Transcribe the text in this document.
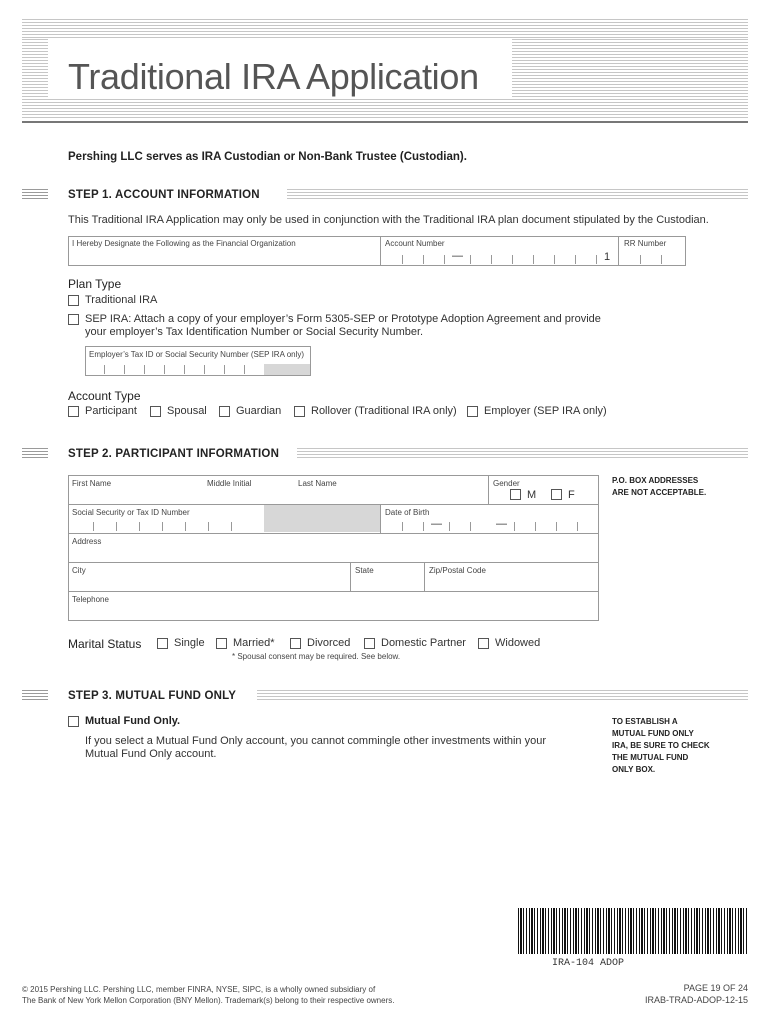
Traditional IRA Application
Pershing LLC serves as IRA Custodian or Non-Bank Trustee (Custodian).
STEP 1. ACCOUNT INFORMATION
This Traditional IRA Application may only be used in conjunction with the Traditional IRA plan document stipulated by the Custodian.
I Hereby Designate the Following as the Financial Organization	Account Number
—	1
RR Number
Plan Type
Traditional IRA
SEP IRA: Attach a copy of your employer’s Form 5305-SEP or Prototype Adoption Agreement and provide
your employer’s Tax Identification Number or Social Security Number.
Employer’s Tax ID or Social Security Number (SEP IRA only)
Account Type
Participant	Spousal	Guardian	Rollover (Traditional IRA only) Employer (SEP IRA only)
STEP 2. PARTICIPANT INFORMATION
First Name	Middle Initial	Last Name	Gender
M	F
Social Security or Tax ID Number	Date of Birth
—	—
Address
City	State	Zip/Postal Code
Telephone
P.O. BOX ADDRESSES
ARE NOT ACCEPTABLE.
Marital Status	Single	Married*	Divorced	Domestic Partner	Widowed
* Spousal consent may be required. See below.
STEP 3. MUTUAL FUND ONLY
Mutual Fund Only.
If you select a Mutual Fund Only account, you cannot commingle other investments within your
Mutual Fund Only account.
TO ESTABLISH A
MUTUAL FUND ONLY
IRA, BE SURE TO CHECK
THE MUTUAL FUND
ONLY BOX.
IRA-104 ADOP
© 2015 Pershing LLC. Pershing LLC, member FINRA, NYSE, SIPC, is a wholly owned subsidiary of
The Bank of New York Mellon Corporation (BNY Mellon). Trademark(s) belong to their respective owners.
PAGE 19 OF 24
IRAB-TRAD-ADOP-12-15
